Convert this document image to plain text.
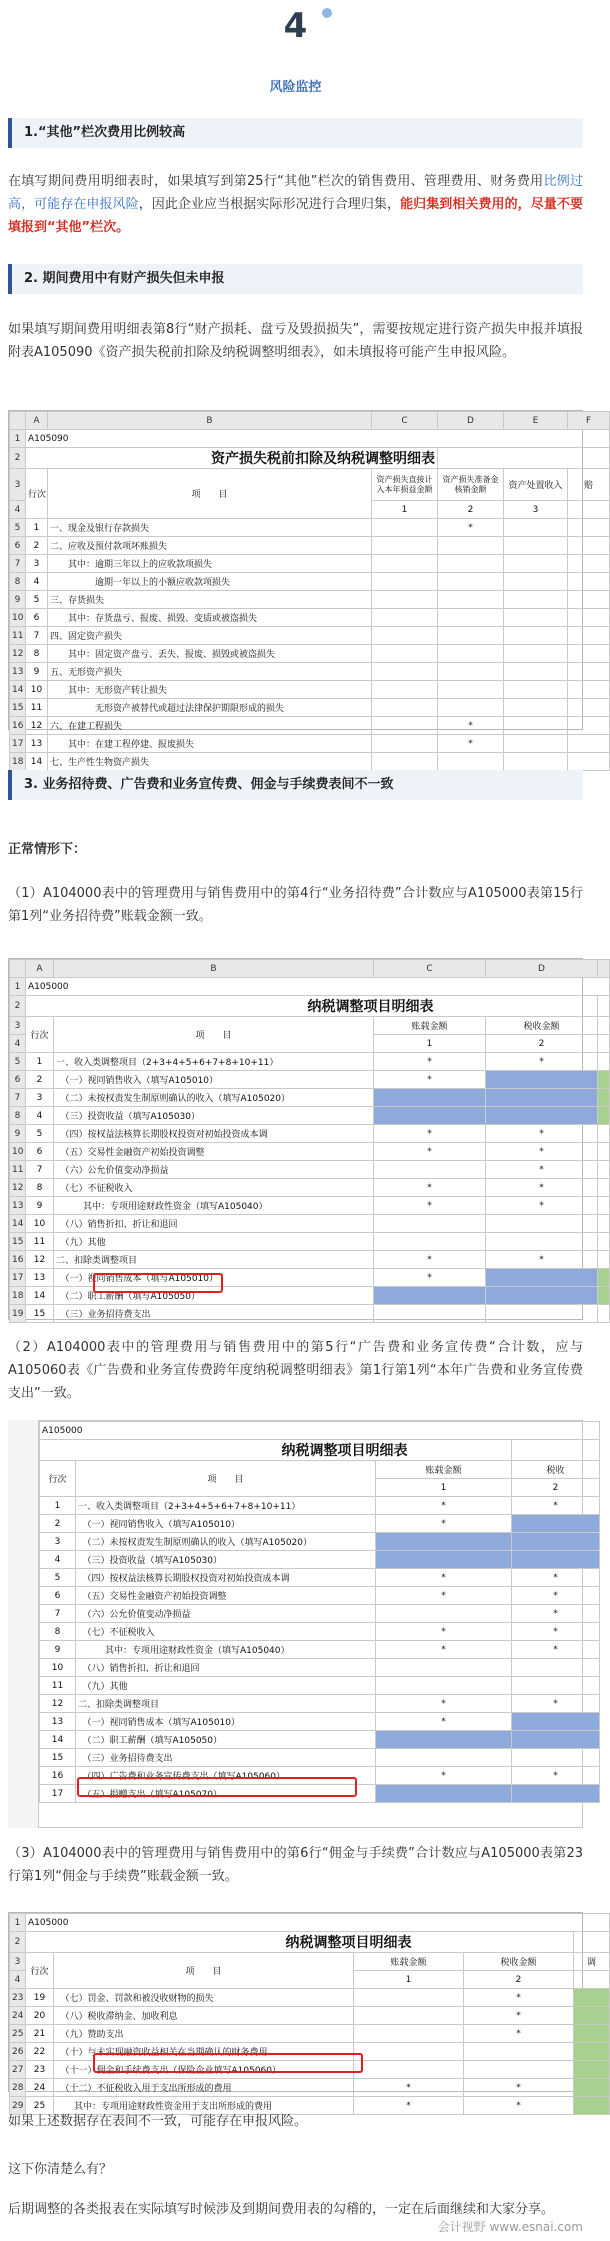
4
风险监控
1.“其他”栏次费用比例较高
在填写期间费用明细表时，如果填写到第25行“其他”栏次的销售费用、管理费用、财务费用比例过高，可能存在申报风险，因此企业应当根据实际形况进行合理归集，能归集到相关费用的，尽量不要填报到“其他”栏次。
2. 期间费用中有财产损失但未申报
如果填写期间费用明细表第8行“财产损耗、盘亏及毁损损失”，需要按规定进行资产损失申报并填报附表A105090《资产损失税前扣除及纳税调整明细表》，如未填报将可能产生申报风险。
	A	B	C	D	E	F
1	A105090					
2	资产损失税前扣除及纳税调整明细表					
3	行次	项　　目	资产损失直接计入本年损益金额	资产损失准备金核销金额	资产处置收入	赔
4			1	2	3	
5	1	一、现金及银行存款损失		*		
6	2	二、应收及预付款项坏账损失				
7	3	　　其中：逾期三年以上的应收款项损失				
8	4	　　　　　逾期一年以上的小额应收款项损失				
9	5	三、存货损失				
10	6	　　其中：存货盘亏、报废、损毁、变质或被盗损失				
11	7	四、固定资产损失				
12	8	　　其中：固定资产盘亏、丢失、报废、损毁或被盗损失				
13	9	五、无形资产损失				
14	10	　　其中：无形资产转让损失				
15	11	　　　　　无形资产被替代或超过法律保护期限形成的损失				
16	12	六、在建工程损失		*		
17	13	　　其中：在建工程停建、报废损失		*		
18	14	七、生产性生物资产损失				
3. 业务招待费、广告费和业务宣传费、佣金与手续费表间不一致
正常情形下：
（1）A104000表中的管理费用与销售费用中的第4行“业务招待费”合计数应与A105000表第15行第1列“业务招待费”账载金额一致。
	A	B	C	D	
1	A105000				
2	纳税调整项目明细表				
3	行次	项　　目	账载金额	税收金额	
4			1	2	
5	1	一、收入类调整项目（2+3+4+5+6+7+8+10+11）	*	*	
6	2	　（一）视同销售收入（填写A105010）	*		
7	3	　（二）未按权责发生制原则确认的收入（填写A105020）			
8	4	　（三）投资收益（填写A105030）			
9	5	　（四）按权益法核算长期股权投资对初始投资成本调	*	*	
10	6	　（五）交易性金融资产初始投资调整	*	*	
11	7	　（六）公允价值变动净损益		*	
12	8	　（七）不征税收入	*	*	
13	9	　　　其中：专项用途财政性资金（填写A105040）	*	*	
14	10	　（八）销售折扣、折让和退回			
15	11	　（九）其他			
16	12	二、扣除类调整项目	*	*	
17	13	　（一）视同销售成本（填写A105010）	*		
18	14	　（二）职工薪酬（填写A105050）			
19	15	　（三）业务招待费支出			
（2）A104000表中的管理费用与销售费用中的第5行“广告费和业务宣传费“合计数，应与A105060表《广告费和业务宣传费跨年度纳税调整明细表》第1行第1列“本年广告费和业务宣传费支出”一致。
A105000			
纳税调整项目明细表			
行次	项　　目	账载金额	税收
		1	2
1	一、收入类调整项目（2+3+4+5+6+7+8+10+11）	*	*
2	　（一）视同销售收入（填写A105010）	*	
3	　（二）未按权责发生制原则确认的收入（填写A105020）		
4	　（三）投资收益（填写A105030）		
5	　（四）按权益法核算长期股权投资对初始投资成本调	*	*
6	　（五）交易性金融资产初始投资调整	*	*
7	　（六）公允价值变动净损益		*
8	　（七）不征税收入	*	*
9	　　　其中：专项用途财政性资金（填写A105040）	*	*
10	　（八）销售折扣、折让和退回		
11	　（九）其他		
12	二、扣除类调整项目	*	*
13	　（一）视同销售成本（填写A105010）	*	
14	　（二）职工薪酬（填写A105050）		
15	　（三）业务招待费支出		
16	　（四）广告费和业务宣传费支出（填写A105060）	*	*
17	　（五）捐赠支出（填写A105070）		
（3）A104000表中的管理费用与销售费用中的第6行“佣金与手续费”合计数应与A105000表第23行第1列“佣金与手续费”账载金额一致。
1	A105000				
2	纳税调整项目明细表				
3	行次	项　　目	账载金额	税收金额	调
4			1	2	
23	19	　（七）罚金、罚款和被没收财物的损失		*	
24	20	　（八）税收滞纳金、加收利息		*	
25	21	　（九）赞助支出		*	
26	22	　（十）与未实现融资收益相关在当期确认的财务费用			
27	23	　（十一）佣金和手续费支出（保险企业填写A105060）			
28	24	　（十二）不征税收入用于支出所形成的费用	*	*	
29	25	　　其中：专项用途财政性资金用于支出所形成的费用	*	*	
如果上述数据存在表间不一致，可能存在申报风险。
这下你清楚么有？
后期调整的各类报表在实际填写时候涉及到期间费用表的勾稽的，一定在后面继续和大家分享。
会计视野 www.esnai.com
